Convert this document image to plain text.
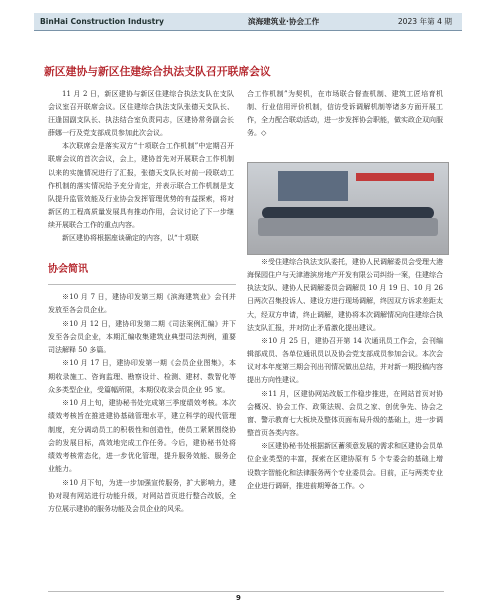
BinHai Construction Industry	滨海建筑业·协会工作	2023 年第 4 期
新区建协与新区住建综合执法支队召开联席会议

11 月 2 日，新区建协与新区住建综合执法支队在支队会议室召开联席会议。区住建综合执法支队张德天支队长、汪逢国副支队长、执法结合室负责同志，区建协常务副会长薛娜一行及党支部成员参加此次会议。

本次联席会是落实双方“十项联合工作机制”中定期召开联席会议的首次会议，会上，建协首先对开展联合工作机制以来的实施情况进行了汇报，张德天支队长对前一段联动工作机制的落实情况给予充分肯定，并表示联合工作机制是支队提升监管效能及行业协会发挥管理优势的有益探索，将对新区的工程高质量发展具有推动作用，会议讨论了下一步继续开展联合工作的重点内容。

新区建协将根据座谈确定的内容，以“十项联

合工作机制”为契机，在市场联合督查机制、建筑工匠培育机制、行业信用评价机制，信访受诉调解机制等诸多方面开展工作，全力配合联动活动，进一步发挥协会职能，做实政企双向服务。◇

协会简讯

※10 月 7 日，建协印发第三期《滨海建筑业》会刊并发放至各会员企业。

※10 月 12 日，建协印发第二期《司法案例汇编》并下发至各会员企业，本期汇编收集建筑业典型司法判例，重要司法解释 50 多篇。

※10 月 17 日，建协印发第一期《会员企业图集》，本期收录施工、咨询监理、勘察设计、检测、建材、数智化等众多类型企业，受篇幅所限，本期仅收录会员企业 95 家。

※10 月上旬，建协秘书处完成第三季度绩效考核。本次绩效考核旨在推进建协基础管理水平，建立科学的现代管理制度，充分调动员工的积极性和创造性，使员工紧紧围绕协会的发展目标，高效地完成工作任务。今后，建协秘书处将绩效考核常态化，进一步优化管理，提升服务效能、服务企业能力。

※10 月下旬，为进一步加强宣传服务，扩大影响力，建协对现有网站进行功能升级，对网站首页进行整合改版，全方位展示建协的服务功能及会员企业的风采。

※受住建综合执法支队委托，建协人民调解委员会受理大港海保园住户与天津港滨房地产开发有限公司纠纷一案，住建综合执法支队、建协人民调解委员会调解员 10 月 19 日、10 月 26 日两次召集投诉人、建设方进行现场调解，终因双方诉求差距太大，经双方申请，终止调解，建协将本次调解情况向住建综合执法支队汇报，并对防止矛盾激化提出建议。

※10 月 25 日，建协召开第 14 次通讯员工作会，会刊编辑部成员、各单位通讯员以及协会党支部成员参加会议。本次会议对本年度第三期会刊出刊情况做出总结，并对新一期投稿内容提出方向性建议。

※11 月，区建协网站改版工作稳步推进，在网站首页对协会概况、协会工作、政策法规、会员之家、创优争先、协会之窗、警示教育七大板块及整体页面布局升级的基础上，进一步调整首页各类内容。

※区建协秘书处根据新区蓄须意发展的需求和区建协会员单位企业类型的丰富，探索在区建协原有 5 个专委会的基础上增设数字智能化和法律服务两个专业委员会。目前，正与两类专业企业进行调研，推进前期筹备工作。◇

9
